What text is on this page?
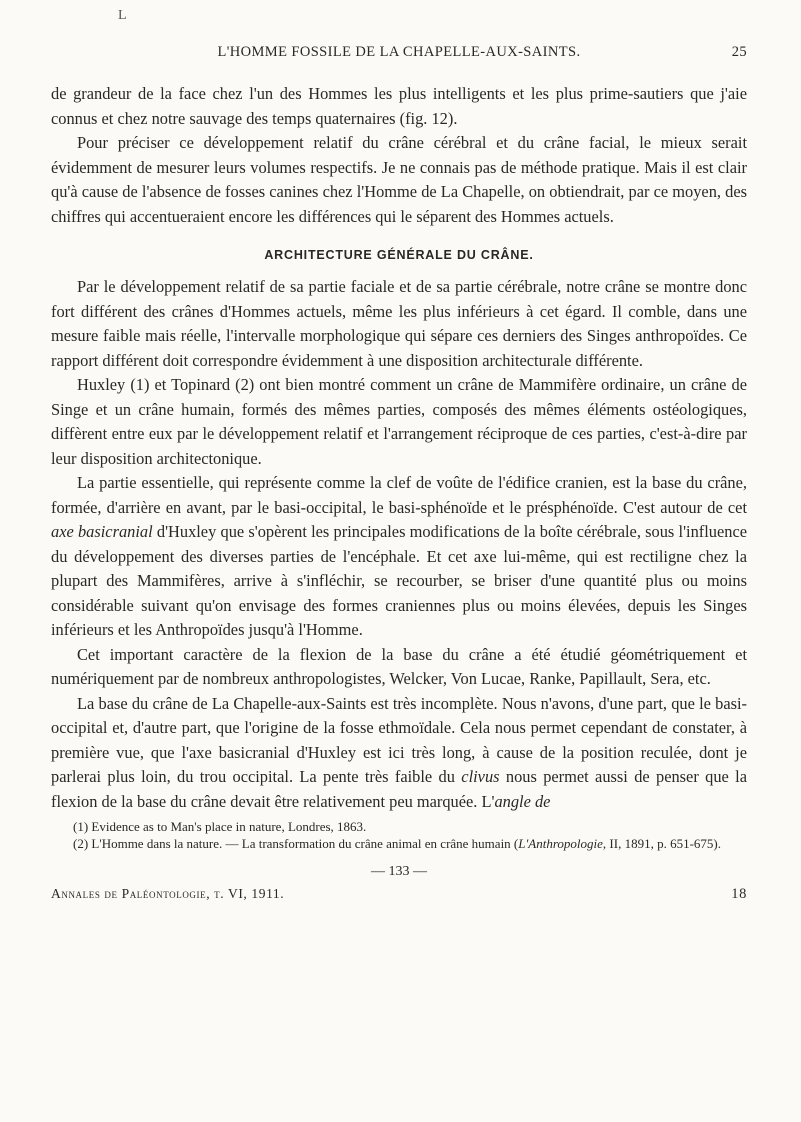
L
L'HOMME FOSSILE DE LA CHAPELLE-AUX-SAINTS.	25

de grandeur de la face chez l'un des Hommes les plus intelligents et les plus prime-sautiers que j'aie connus et chez notre sauvage des temps quaternaires (fig. 12).

Pour préciser ce développement relatif du crâne cérébral et du crâne facial, le mieux serait évidemment de mesurer leurs volumes respectifs. Je ne connais pas de méthode pratique. Mais il est clair qu'à cause de l'absence de fosses canines chez l'Homme de La Chapelle, on obtiendrait, par ce moyen, des chiffres qui accentueraient encore les différences qui le séparent des Hommes actuels.

ARCHITECTURE GÉNÉRALE DU CRÂNE.

Par le développement relatif de sa partie faciale et de sa partie cérébrale, notre crâne se montre donc fort différent des crânes d'Hommes actuels, même les plus inférieurs à cet égard. Il comble, dans une mesure faible mais réelle, l'intervalle morphologique qui sépare ces derniers des Singes anthropoïdes. Ce rapport différent doit correspondre évidemment à une disposition architecturale différente.

Huxley (1) et Topinard (2) ont bien montré comment un crâne de Mammifère ordinaire, un crâne de Singe et un crâne humain, formés des mêmes parties, composés des mêmes éléments ostéologiques, diffèrent entre eux par le développement relatif et l'arrangement réciproque de ces parties, c'est-à-dire par leur disposition architectonique.

La partie essentielle, qui représente comme la clef de voûte de l'édifice cranien, est la base du crâne, formée, d'arrière en avant, par le basi-occipital, le basi-sphénoïde et le présphénoïde. C'est autour de cet axe basicranial d'Huxley que s'opèrent les principales modifications de la boîte cérébrale, sous l'influence du développement des diverses parties de l'encéphale. Et cet axe lui-même, qui est rectiligne chez la plupart des Mammifères, arrive à s'infléchir, se recourber, se briser d'une quantité plus ou moins considérable suivant qu'on envisage des formes craniennes plus ou moins élevées, depuis les Singes inférieurs et les Anthropoïdes jusqu'à l'Homme.

Cet important caractère de la flexion de la base du crâne a été étudié géométriquement et numériquement par de nombreux anthropologistes, Welcker, Von Lucae, Ranke, Papillault, Sera, etc.

La base du crâne de La Chapelle-aux-Saints est très incomplète. Nous n'avons, d'une part, que le basi-occipital et, d'autre part, que l'origine de la fosse ethmoïdale. Cela nous permet cependant de constater, à première vue, que l'axe basicranial d'Huxley est ici très long, à cause de la position reculée, dont je parlerai plus loin, du trou occipital. La pente très faible du clivus nous permet aussi de penser que la flexion de la base du crâne devait être relativement peu marquée. L'angle de

(1) Evidence as to Man's place in nature, Londres, 1863.

(2) L'Homme dans la nature. — La transformation du crâne animal en crâne humain (L'Anthropologie, II, 1891, p. 651-675).

— 133 —
Annales de Paléontologie, t. VI, 1911.	18
